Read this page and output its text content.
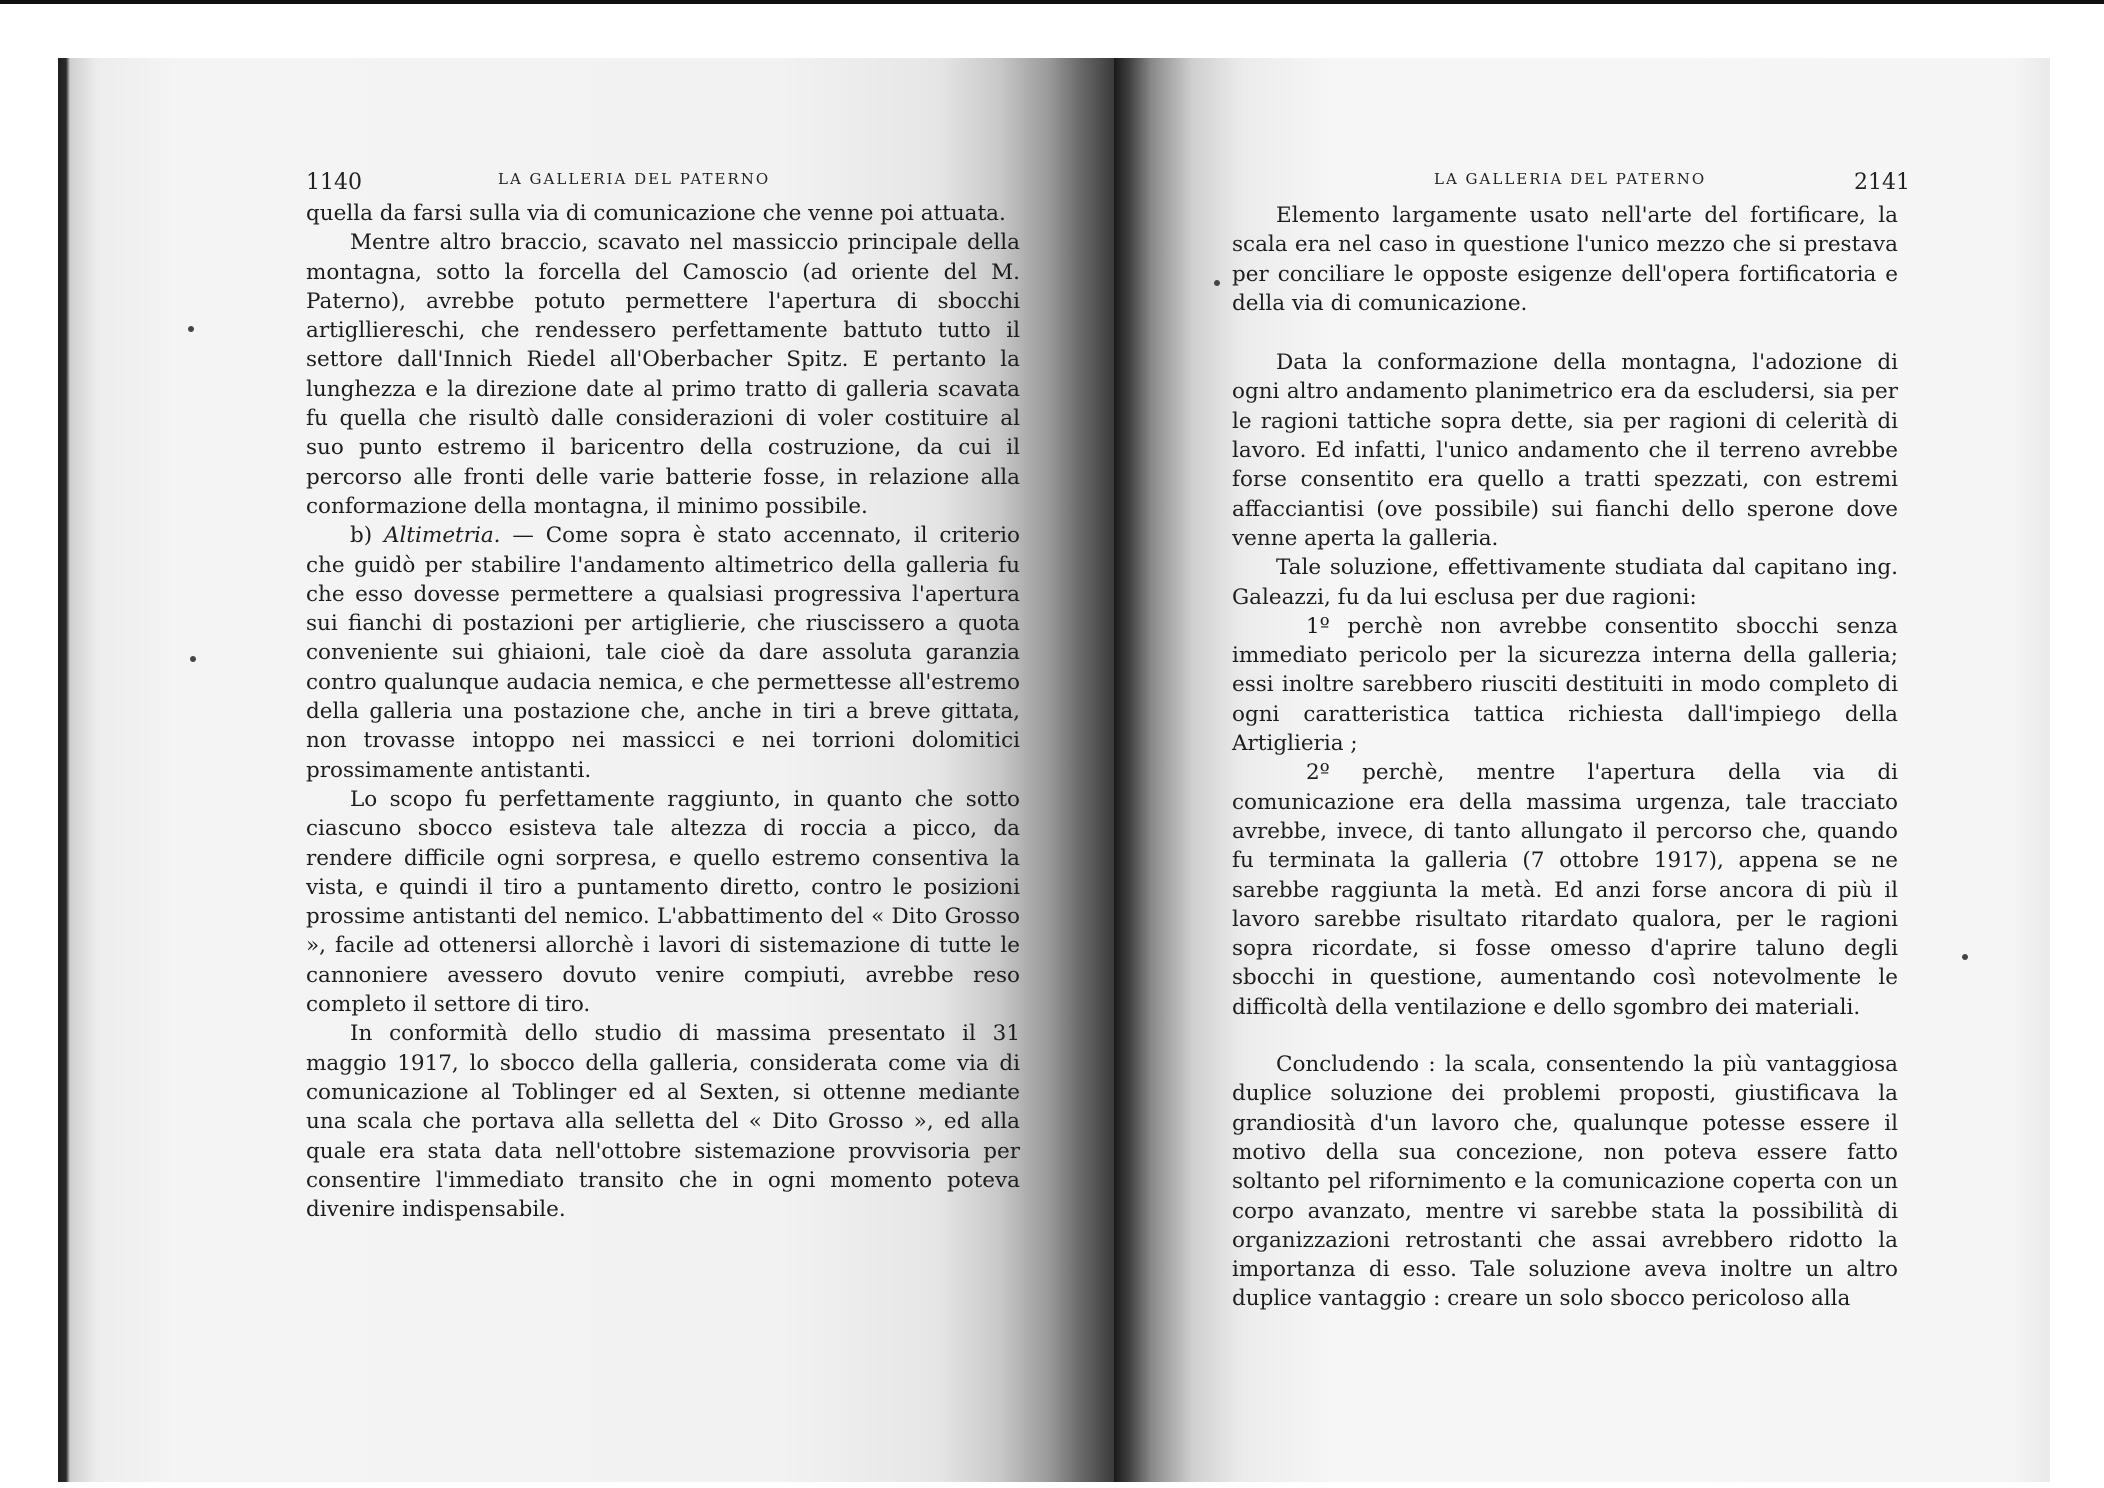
1140	LA GALLERIA DEL PATERNO

quella da farsi sulla via di comunicazione che venne poi attuata.

Mentre altro braccio, scavato nel massiccio principale della montagna, sotto la forcella del Camoscio (ad oriente del M. Paterno), avrebbe potuto permettere l'apertura di sbocchi artiglliereschi, che rendessero perfettamente battuto tutto il settore dall'Innich Riedel all'Oberbacher Spitz. E pertanto la lunghezza e la direzione date al primo tratto di galleria scavata fu quella che risultò dalle considerazioni di voler costituire al suo punto estremo il baricentro della costruzione, da cui il percorso alle fronti delle varie batterie fosse, in relazione alla conformazione della montagna, il minimo possibile.

b) Altimetria. — Come sopra è stato accennato, il criterio che guidò per stabilire l'andamento altimetrico della galleria fu che esso dovesse permettere a qualsiasi progressiva l'apertura sui fianchi di postazioni per artiglierie, che riuscissero a quota conveniente sui ghiaioni, tale cioè da dare assoluta garanzia contro qualunque audacia nemica, e che permettesse all'estremo della galleria una postazione che, anche in tiri a breve gittata, non trovasse intoppo nei massicci e nei torrioni dolomitici prossimamente antistanti.

Lo scopo fu perfettamente raggiunto, in quanto che sotto ciascuno sbocco esisteva tale altezza di roccia a picco, da rendere difficile ogni sorpresa, e quello estremo consentiva la vista, e quindi il tiro a puntamento diretto, contro le posizioni prossime antistanti del nemico. L'abbattimento del « Dito Grosso », facile ad ottenersi allorchè i lavori di sistemazione di tutte le cannoniere avessero dovuto venire compiuti, avrebbe reso completo il settore di tiro.

In conformità dello studio di massima presentato il 31 maggio 1917, lo sbocco della galleria, considerata come via di comunicazione al Toblinger ed al Sexten, si ottenne mediante una scala che portava alla selletta del « Dito Grosso », ed alla quale era stata data nell'ottobre sistemazione provvisoria per consentire l'immediato transito che in ogni momento poteva divenire indispensabile.

LA GALLERIA DEL PATERNO	2141

Elemento largamente usato nell'arte del fortificare, la scala era nel caso in questione l'unico mezzo che si prestava per conciliare le opposte esigenze dell'opera fortificatoria e della via di comunicazione.

Data la conformazione della montagna, l'adozione di ogni altro andamento planimetrico era da escludersi, sia per le ragioni tattiche sopra dette, sia per ragioni di celerità di lavoro. Ed infatti, l'unico andamento che il terreno avrebbe forse consentito era quello a tratti spezzati, con estremi affacciantisi (ove possibile) sui fianchi dello sperone dove venne aperta la galleria.

Tale soluzione, effettivamente studiata dal capitano ing. Galeazzi, fu da lui esclusa per due ragioni:

1º perchè non avrebbe consentito sbocchi senza immediato pericolo per la sicurezza interna della galleria; essi inoltre sarebbero riusciti destituiti in modo completo di ogni caratteristica tattica richiesta dall'impiego della Artiglieria ;

2º perchè, mentre l'apertura della via di comunicazione era della massima urgenza, tale tracciato avrebbe, invece, di tanto allungato il percorso che, quando fu terminata la galleria (7 ottobre 1917), appena se ne sarebbe raggiunta la metà. Ed anzi forse ancora di più il lavoro sarebbe risultato ritardato qualora, per le ragioni sopra ricordate, si fosse omesso d'aprire taluno degli sbocchi in questione, aumentando così notevolmente le difficoltà della ventilazione e dello sgombro dei materiali.

Concludendo : la scala, consentendo la più vantaggiosa duplice soluzione dei problemi proposti, giustificava la grandiosità d'un lavoro che, qualunque potesse essere il motivo della sua concezione, non poteva essere fatto soltanto pel rifornimento e la comunicazione coperta con un corpo avanzato, mentre vi sarebbe stata la possibilità di organizzazioni retrostanti che assai avrebbero ridotto la importanza di esso. Tale soluzione aveva inoltre un altro duplice vantaggio : creare un solo sbocco pericoloso alla
